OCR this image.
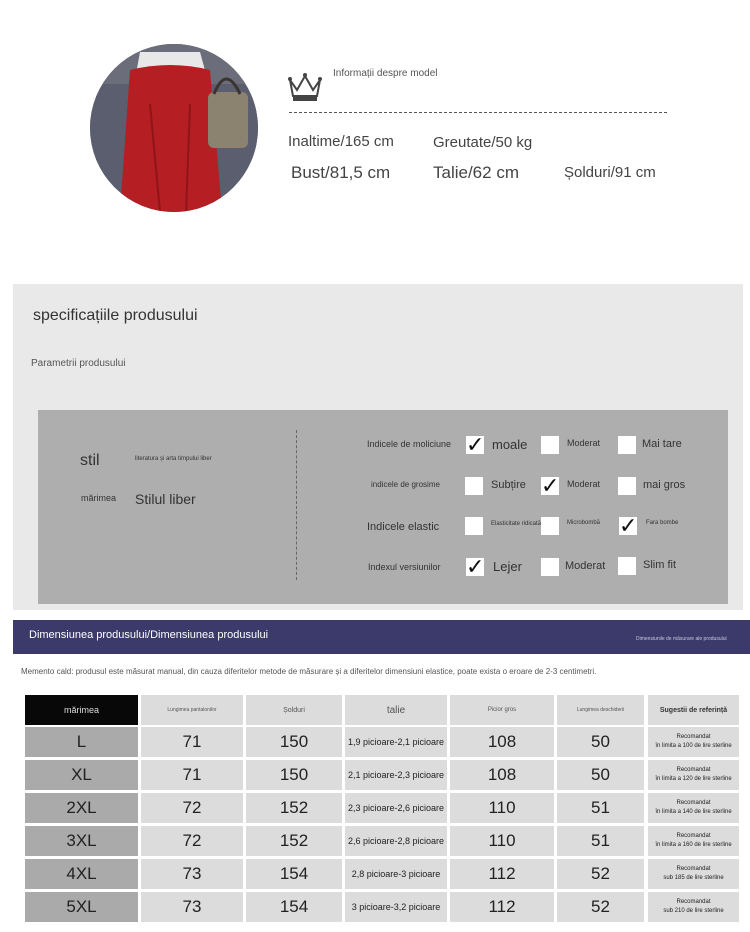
Informații despre model
Inaltime/165 cm	Greutate/50 kg
Bust/81,5 cm	Talie/62 cm	Șolduri/91 cm
specificațiile produsului
Parametrii produsului
stil	literatura și arta timpului liber
mărimea Stilul liber
Indicele de moliciune ✓ moale	Moderat	Mai tare
indicele de grosime	Subțire ✓ Moderat	mai gros
Indicele elastic	Elasticitate ridicată	Microbombă ✓ Fara bombe
Indexul versiunilor ✓ Lejer	Moderat	Slim fit
Dimensiunea produsului/Dimensiunea produsului	Dimensiunile de măsurare ale produsului
Memento cald: produsul este măsurat manual, din cauza diferitelor metode de măsurare și a diferitelor dimensiuni elastice, poate exista o eroare de 2-3 centimetri.
mărimea	Lungimea pantalonilor	Șolduri	talie	Picior gros	Lungimea deschiderii	Sugestii de referință
L	71	150	1,9 picioare-2,1 picioare	108	50	Recomandat
în limita a 100 de lire sterline
XL	71	150	2,1 picioare-2,3 picioare	108	50	Recomandat
în limita a 120 de lire sterline
2XL	72	152	2,3 picioare-2,6 picioare	110	51	Recomandat
în limita a 140 de lire sterline
3XL	72	152	2,6 picioare-2,8 picioare	110	51	Recomandat
în limita a 160 de lire sterline
4XL	73	154	2,8 picioare-3 picioare	112	52	Recomandat
sub 185 de lire sterline
5XL	73	154	3 picioare-3,2 picioare	112	52	Recomandat
sub 210 de lire sterline
